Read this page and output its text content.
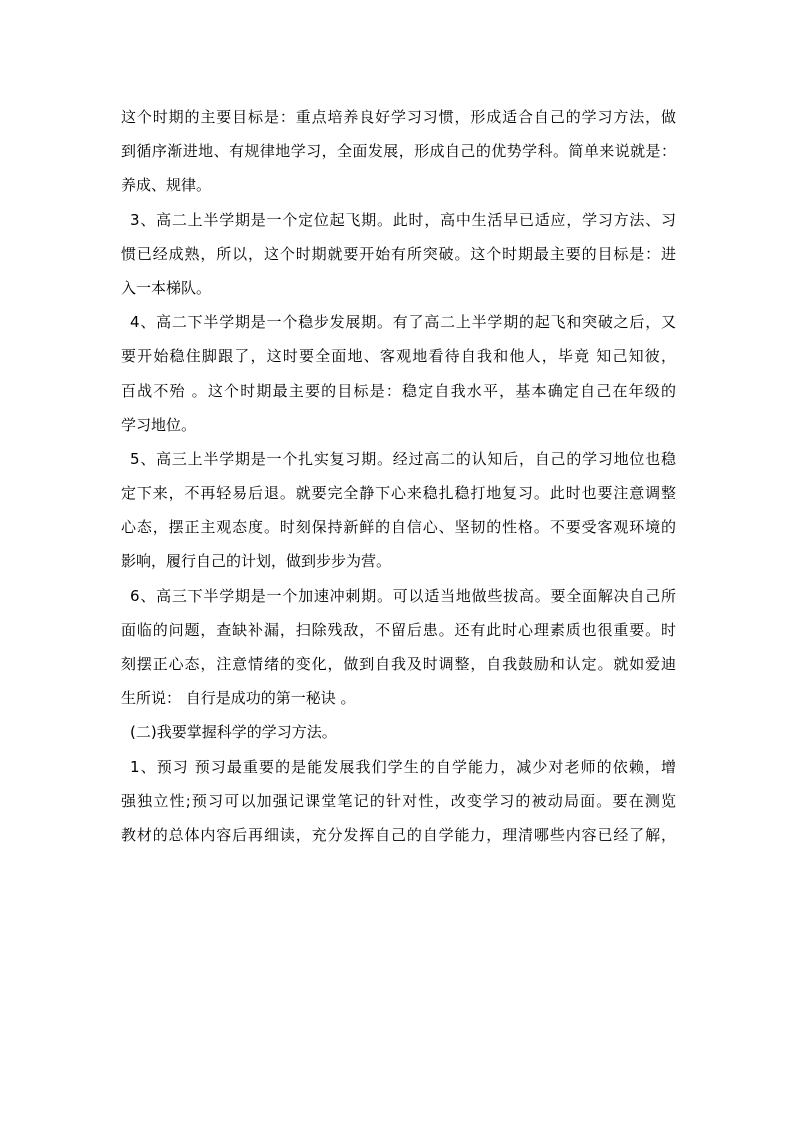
这个时期的主要目标是：重点培养良好学习习惯，形成适合自己的学习方法，做

到循序渐进地、有规律地学习，全面发展，形成自己的优势学科。简单来说就是：

养成、规律。

3、高二上半学期是一个定位起飞期。此时，高中生活早已适应，学习方法、习

惯已经成熟，所以，这个时期就要开始有所突破。这个时期最主要的目标是：进

入一本梯队。

4、高二下半学期是一个稳步发展期。有了高二上半学期的起飞和突破之后，又

要开始稳住脚跟了，这时要全面地、客观地看待自我和他人，毕竟 知己知彼，

百战不殆 。这个时期最主要的目标是：稳定自我水平，基本确定自己在年级的

学习地位。

5、高三上半学期是一个扎实复习期。经过高二的认知后，自己的学习地位也稳

定下来，不再轻易后退。就要完全静下心来稳扎稳打地复习。此时也要注意调整

心态，摆正主观态度。时刻保持新鲜的自信心、坚韧的性格。不要受客观环境的

影响，履行自己的计划，做到步步为营。

6、高三下半学期是一个加速冲刺期。可以适当地做些拔高。要全面解决自己所

面临的问题，查缺补漏，扫除残敌，不留后患。还有此时心理素质也很重要。时

刻摆正心态，注意情绪的变化，做到自我及时调整，自我鼓励和认定。就如爱迪

生所说： 自行是成功的第一秘诀 。

(二)我要掌握科学的学习方法。

1、预习 预习最重要的是能发展我们学生的自学能力，减少对老师的依赖，增

强独立性;预习可以加强记课堂笔记的针对性，改变学习的被动局面。要在测览

教材的总体内容后再细读，充分发挥自己的自学能力，理清哪些内容已经了解，
